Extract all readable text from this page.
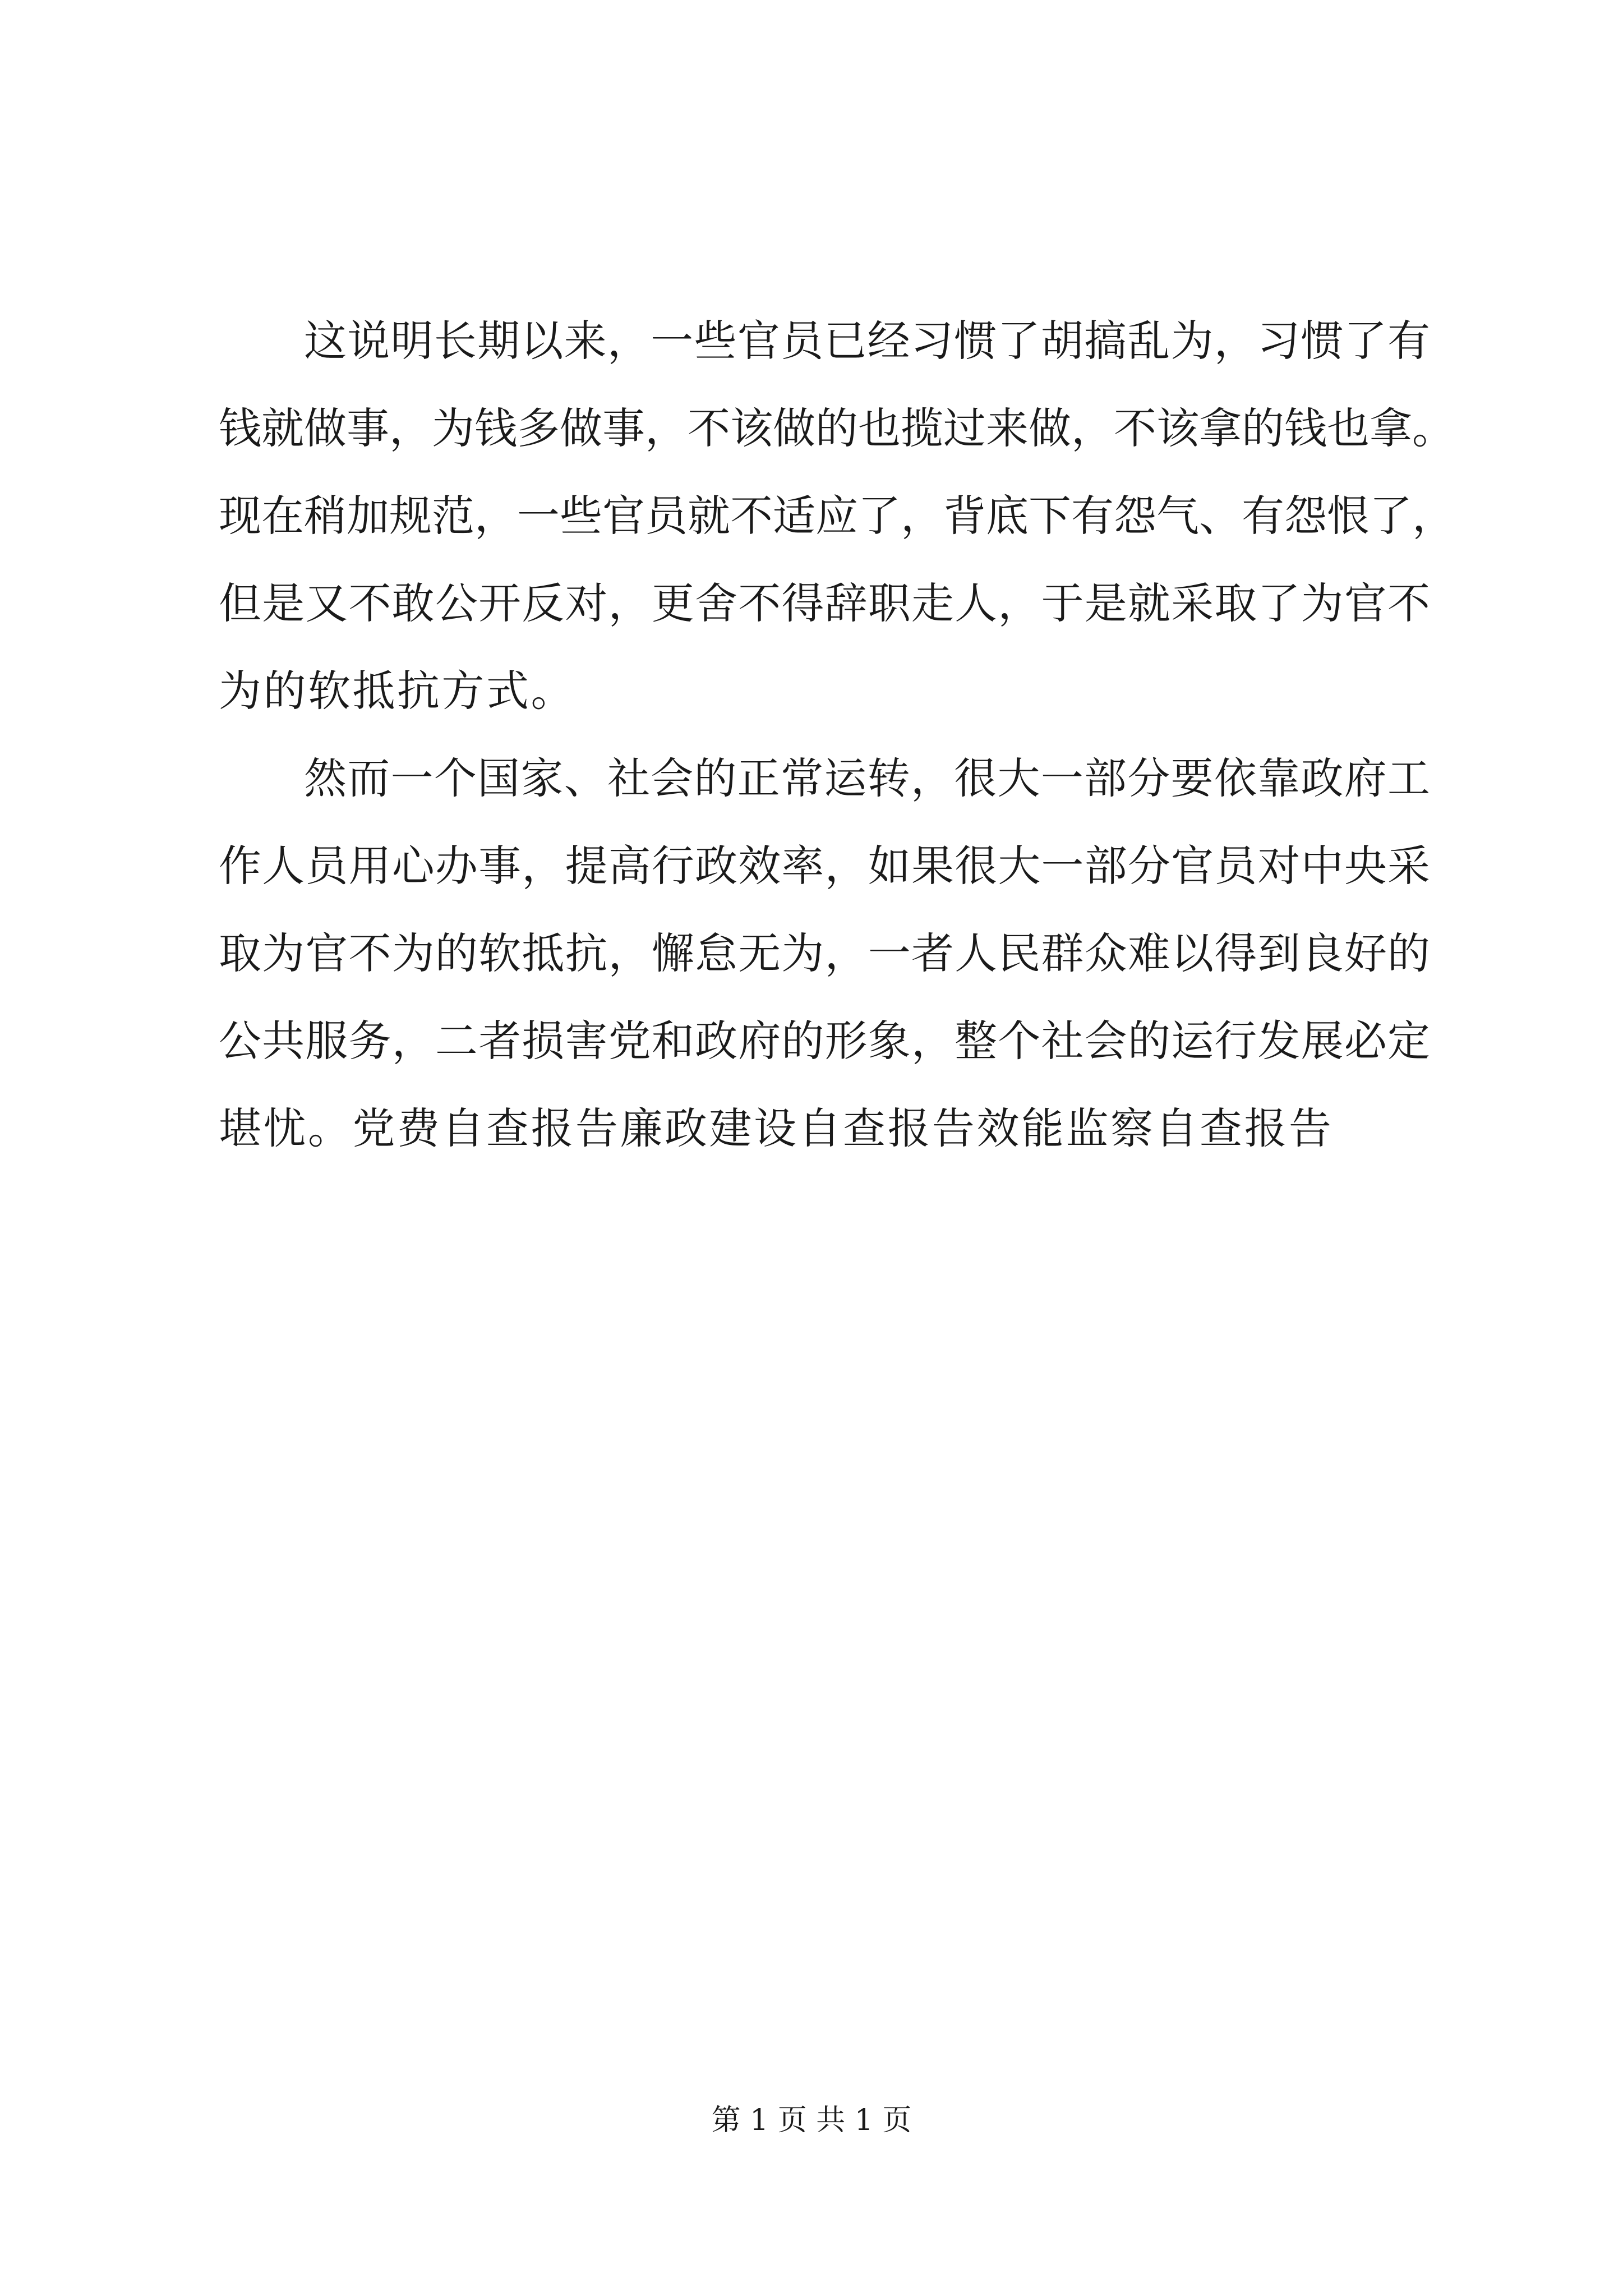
这说明长期以来，一些官员已经习惯了胡搞乱为，习惯了有
钱就做事，为钱多做事，不该做的也揽过来做，不该拿的钱也拿。
现在稍加规范，一些官员就不适应了，背底下有怨气、有怨恨了，
但是又不敢公开反对，更舍不得辞职走人，于是就采取了为官不
为的软抵抗方式。
然而一个国家、社会的正常运转，很大一部分要依靠政府工
作人员用心办事，提高行政效率，如果很大一部分官员对中央采
取为官不为的软抵抗，懈怠无为，一者人民群众难以得到良好的
公共服务，二者损害党和政府的形象，整个社会的运行发展必定
堪忧。党费自查报告廉政建设自查报告效能监察自查报告
第 1 页 共 1 页
